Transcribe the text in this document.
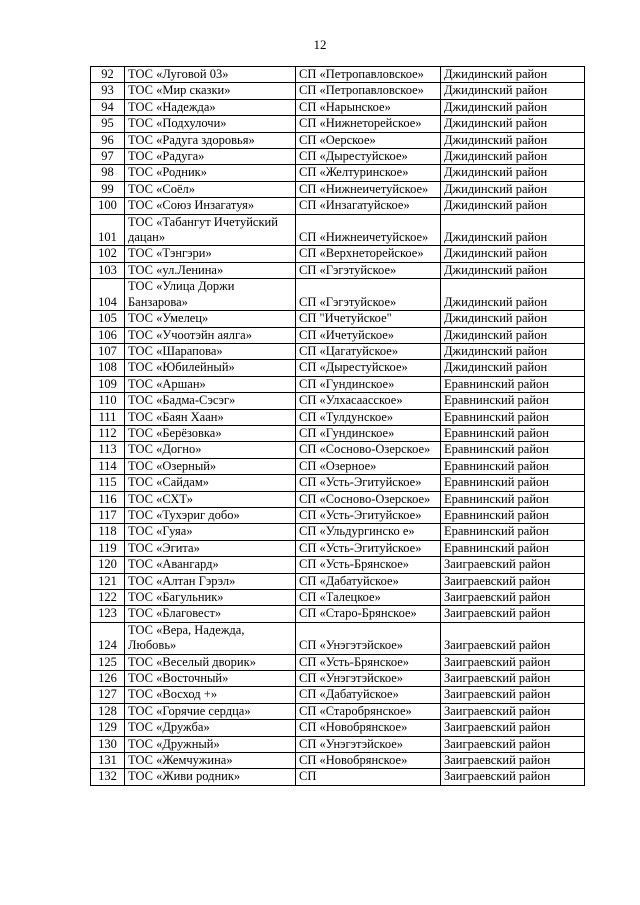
12
92	ТОС «Луговой 03»	СП «Петропавловское»	Джидинский район
93	ТОС «Мир сказки»	СП «Петропавловское»	Джидинский район
94	ТОС «Надежда»	СП «Нарынское»	Джидинский район
95	ТОС «Подхулочи»	СП «Нижнеторейское»	Джидинский район
96	ТОС «Радуга здоровья»	СП «Оерское»	Джидинский район
97	ТОС «Радуга»	СП «Дырестуйское»	Джидинский район
98	ТОС «Родник»	СП «Желтуринское»	Джидинский район
99	ТОС «Соёл»	СП «Нижнеичетуйское»	Джидинский район
100	ТОС «Союз Инзагатуя»	СП «Инзагатуйское»	Джидинский район
101	ТОС «Табангут Ичетуйский дацан»	СП «Нижнеичетуйское»	Джидинский район
102	ТОС «Тэнгэри»	СП «Верхнеторейское»	Джидинский район
103	ТОС «ул.Ленина»	СП «Гэгэтуйское»	Джидинский район
104	ТОС «Улица Доржи Банзарова»	СП «Гэгэтуйское»	Джидинский район
105	ТОС «Умелец»	СП "Ичетуйское"	Джидинский район
106	ТОС «Учоотэйн аялга»	СП «Ичетуйское»	Джидинский район
107	ТОС «Шарапова»	СП «Цагатуйское»	Джидинский район
108	ТОС «Юбилейный»	СП «Дырестуйское»	Джидинский район
109	ТОС «Аршан»	СП «Гундинское»	Еравнинский район
110	ТОС «Бадма-Сэсэг»	СП «Улхасаасское»	Еравнинский район
111	ТОС «Баян Хаан»	СП «Тулдунское»	Еравнинский район
112	ТОС «Берёзовка»	СП «Гундинское»	Еравнинский район
113	ТОС «Догно»	СП «Сосново-Озерское»	Еравнинский район
114	ТОС «Озерный»	СП «Озерное»	Еравнинский район
115	ТОС «Сайдам»	СП «Усть-Эгитуйское»	Еравнинский район
116	ТОС «СХТ»	СП «Сосново-Озерское»	Еравнинский район
117	ТОС «Тухэриг добо»	СП «Усть-Эгитуйское»	Еравнинский район
118	ТОС «Гуяа»	СП «Ульдургинско е»	Еравнинский район
119	ТОС «Эгита»	СП «Усть-Эгитуйское»	Еравнинский район
120	ТОС «Авангард»	СП «Усть-Брянское»	Заиграевский район
121	ТОС «Алтан Гэрэл»	СП «Дабатуйское»	Заиграевский район
122	ТОС «Багульник»	СП «Талецкое»	Заиграевский район
123	ТОС «Благовест»	СП «Старо-Брянское»	Заиграевский район
124	ТОС «Вера, Надежда, Любовь»	СП «Унэгэтэйское»	Заиграевский район
125	ТОС «Веселый дворик»	СП «Усть-Брянское»	Заиграевский район
126	ТОС «Восточный»	СП «Унэгэтэйское»	Заиграевский район
127	ТОС «Восход +»	СП «Дабатуйское»	Заиграевский район
128	ТОС «Горячие сердца»	СП «Старобрянское»	Заиграевский район
129	ТОС «Дружба»	СП «Новобрянское»	Заиграевский район
130	ТОС «Дружный»	СП «Унэгэтэйское»	Заиграевский район
131	ТОС «Жемчужина»	СП «Новобрянское»	Заиграевский район
132	ТОС «Живи родник»	СП	Заиграевский район
